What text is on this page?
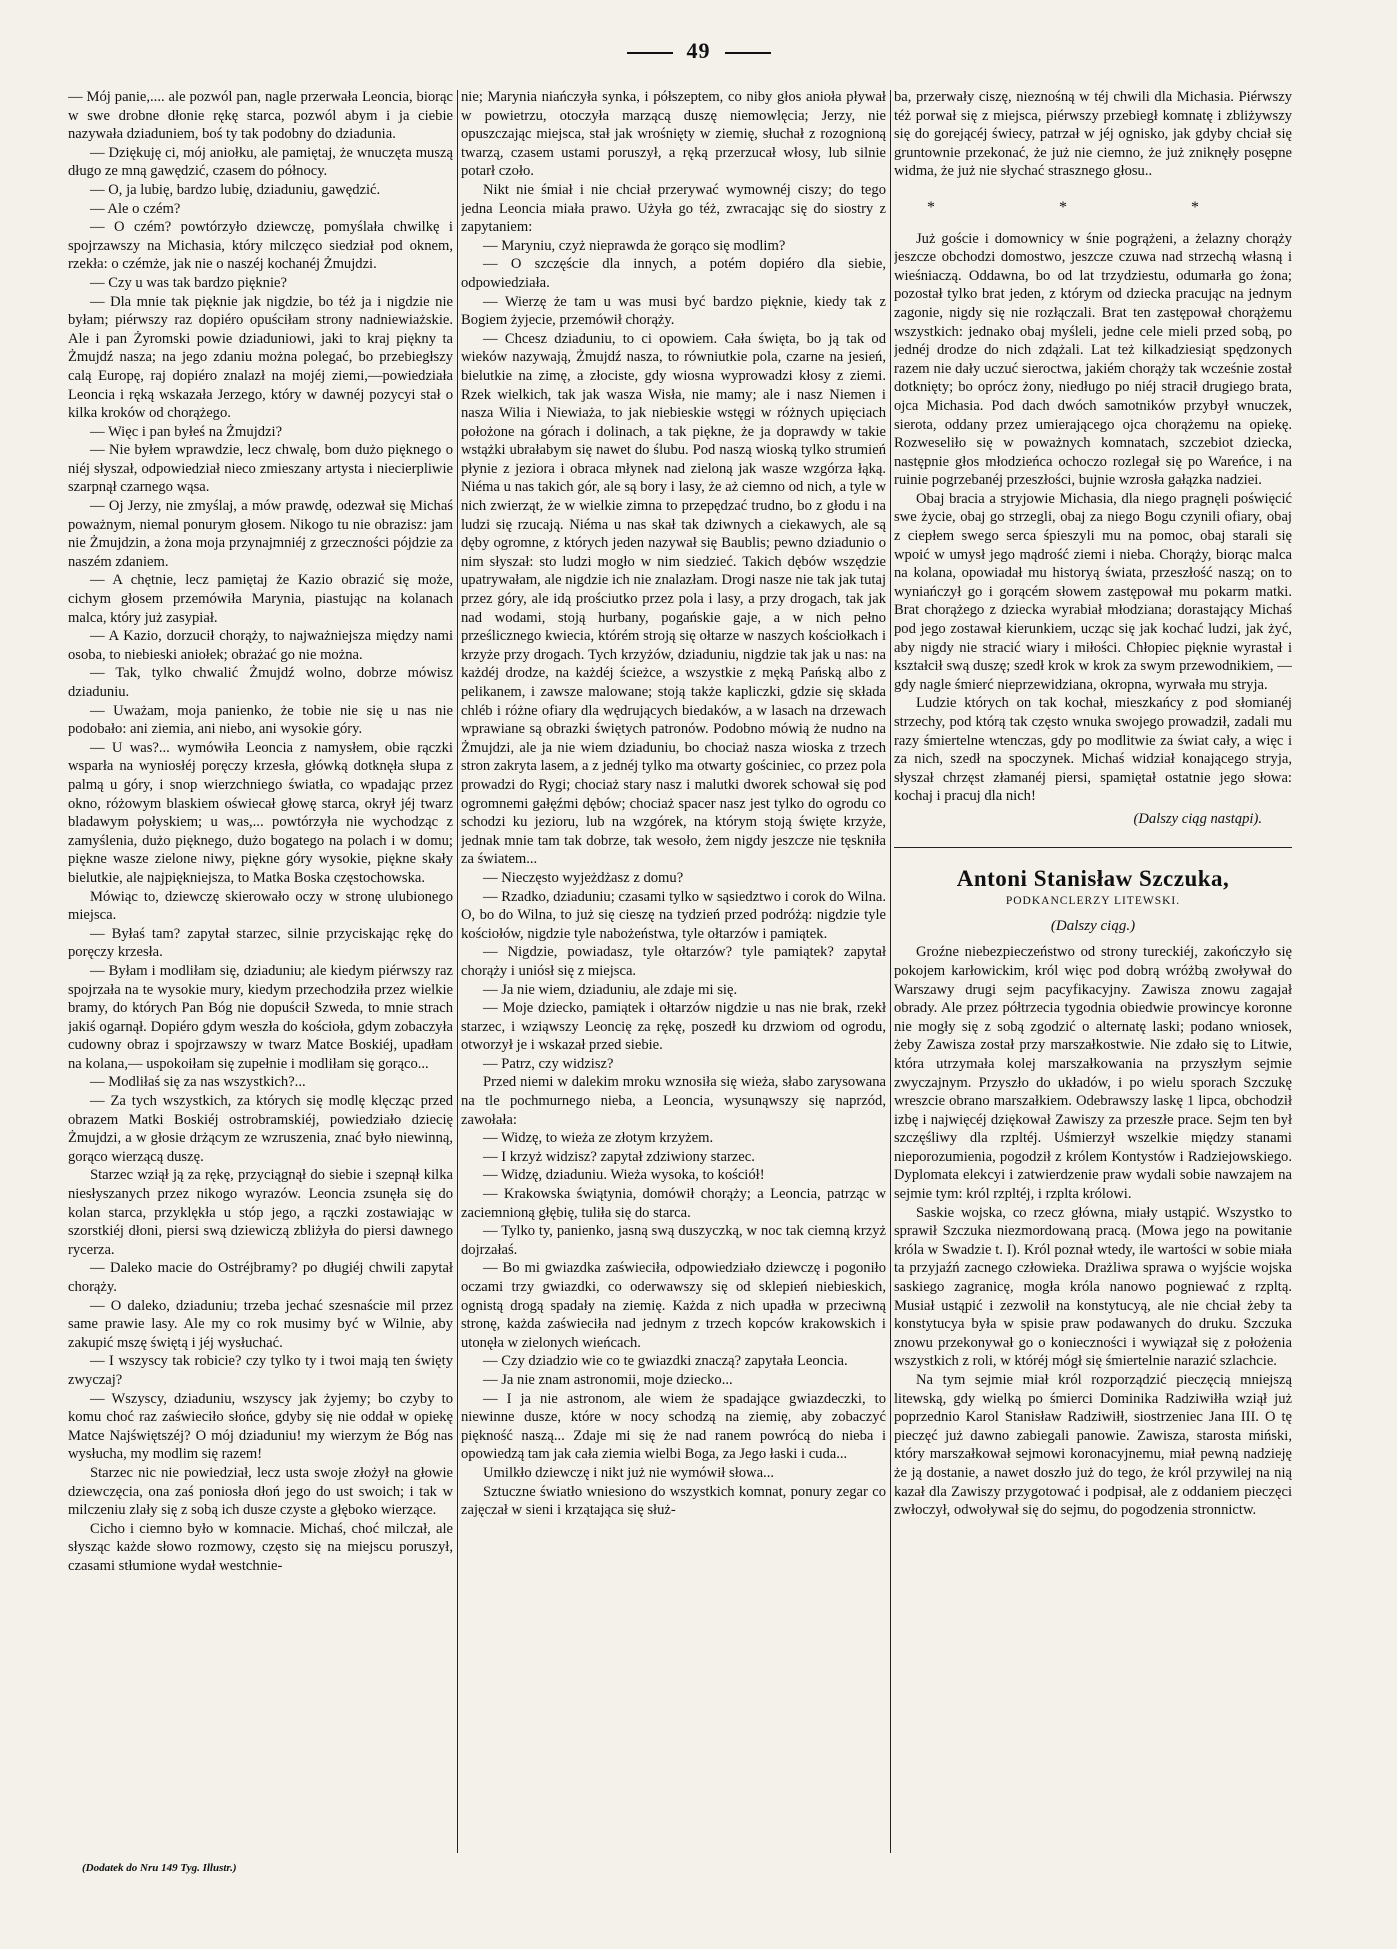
49

— Mój panie,.... ale pozwól pan, nagle przerwała Leoncia, biorąc w swe drobne dłonie rękę starca, pozwól abym i ja ciebie nazywała dziaduniem, boś ty tak podobny do dziadunia.

— Dziękuję ci, mój aniołku, ale pamiętaj, że wnuczęta muszą długo ze mną gawędzić, czasem do północy.

— O, ja lubię, bardzo lubię, dziaduniu, gawędzić.

— Ale o czém?

— O czém? powtórzyło dziewczę, pomyślała chwilkę i spojrzawszy na Michasia, który milczęco siedział pod oknem, rzekła: o czémże, jak nie o naszéj kochanéj Żmujdzi.

— Czy u was tak bardzo pięknie?

— Dla mnie tak pięknie jak nigdzie, bo téż ja i nigdzie nie byłam; piérwszy raz dopiéro opuściłam strony nadniewiażskie. Ale i pan Żyromski powie dziaduniowi, jaki to kraj piękny ta Żmujdź nasza; na jego zdaniu można polegać, bo przebiegłszy calą Europę, raj dopiéro znalazł na mojéj ziemi,—powiedziała Leoncia i ręką wskazała Jerzego, który w dawnéj pozycyi stał o kilka kroków od chorążego.

— Więc i pan byłeś na Żmujdzi?

— Nie byłem wprawdzie, lecz chwalę, bom dużo pięknego o niéj słyszał, odpowiedział nieco zmieszany artysta i niecierpliwie szarpnął czarnego wąsa.

— Oj Jerzy, nie zmyślaj, a mów prawdę, odezwał się Michaś poważnym, niemal ponurym głosem. Nikogo tu nie obrazisz: jam nie Żmujdzin, a żona moja przynajmniéj z grzeczności pójdzie za naszém zdaniem.

— A chętnie, lecz pamiętaj że Kazio obrazić się może, cichym głosem przemówiła Marynia, piastując na kolanach malca, który już zasypiał.

— A Kazio, dorzucił chorąży, to najważniejsza między nami osoba, to niebieski aniołek; obrażać go nie można.

— Tak, tylko chwalić Żmujdź wolno, dobrze mówisz dziaduniu.

— Uważam, moja panienko, że tobie nie się u nas nie podobało: ani ziemia, ani niebo, ani wysokie góry.

— U was?... wymówiła Leoncia z namysłem, obie rączki wsparła na wyniosłéj poręczy krzesła, główką dotknęła słupa z palmą u góry, i snop wierzchniego światła, co wpadając przez okno, różowym blaskiem oświecał głowę starca, okrył jéj twarz bladawym połyskiem; u was,... powtórzyła nie wychodząc z zamyślenia, dużo pięknego, dużo bogatego na polach i w domu; piękne wasze zielone niwy, piękne góry wysokie, piękne skały bielutkie, ale najpiękniejsza, to Matka Boska częstochowska.

Mówiąc to, dziewczę skierowało oczy w stronę ulubionego miejsca.

— Byłaś tam? zapytał starzec, silnie przyciskając rękę do poręczy krzesła.

— Byłam i modliłam się, dziaduniu; ale kiedym piérwszy raz spojrzała na te wysokie mury, kiedym przechodziła przez wielkie bramy, do których Pan Bóg nie dopuścił Szweda, to mnie strach jakiś ogarnął. Dopiéro gdym weszła do kościoła, gdym zobaczyła cudowny obraz i spojrzawszy w twarz Matce Boskiéj, upadłam na kolana,— uspokoiłam się zupełnie i modliłam się gorąco...

— Modliłaś się za nas wszystkich?...

— Za tych wszystkich, za których się modlę klęcząc przed obrazem Matki Boskiéj ostrobramskiéj, powiedziało dziecię Żmujdzi, a w głosie drżącym ze wzruszenia, znać było niewinną, gorąco wierzącą duszę.

Starzec wziął ją za rękę, przyciągnął do siebie i szepnął kilka niesłyszanych przez nikogo wyrazów. Leoncia zsunęła się do kolan starca, przyklękła u stóp jego, a rączki zostawiając w szorstkiéj dłoni, piersi swą dziewiczą zbliżyła do piersi dawnego rycerza.

— Daleko macie do Ostréjbramy? po długiéj chwili zapytał chorąży.

— O daleko, dziaduniu; trzeba jechać szesnaście mil przez same prawie lasy. Ale my co rok musimy być w Wilnie, aby zakupić mszę świętą i jéj wysłuchać.

— I wszyscy tak robicie? czy tylko ty i twoi mają ten święty zwyczaj?

— Wszyscy, dziaduniu, wszyscy jak żyjemy; bo czyby to komu choć raz zaświeciło słońce, gdyby się nie oddał w opiekę Matce Najświętszéj? O mój dziaduniu! my wierzym że Bóg nas wysłucha, my modlim się razem!

Starzec nic nie powiedział, lecz usta swoje złożył na głowie dziewczęcia, ona zaś poniosła dłoń jego do ust swoich; i tak w milczeniu zlały się z sobą ich dusze czyste a głęboko wierzące.

Cicho i ciemno było w komnacie. Michaś, choć milczał, ale słysząc każde słowo rozmowy, często się na miejscu poruszył, czasami stłumione wydał westchnie-

nie; Marynia niańczyła synka, i półszeptem, co niby głos anioła pływał w powietrzu, otoczyła marzącą duszę niemowlęcia; Jerzy, nie opuszczając miejsca, stał jak wrośnięty w ziemię, słuchał z rozognioną twarzą, czasem ustami poruszył, a ręką przerzucał włosy, lub silnie potarł czoło.

Nikt nie śmiał i nie chciał przerywać wymownéj ciszy; do tego jedna Leoncia miała prawo. Użyła go téż, zwracając się do siostry z zapytaniem:

— Maryniu, czyż nieprawda że gorąco się modlim?

— O szczęście dla innych, a potém dopiéro dla siebie, odpowiedziała.

— Wierzę że tam u was musi być bardzo pięknie, kiedy tak z Bogiem żyjecie, przemówił chorąży.

— Chcesz dziaduniu, to ci opowiem. Cała święta, bo ją tak od wieków nazywają, Żmujdź nasza, to równiutkie pola, czarne na jesień, bielutkie na zimę, a złociste, gdy wiosna wyprowadzi kłosy z ziemi. Rzek wielkich, tak jak wasza Wisła, nie mamy; ale i nasz Niemen i nasza Wilia i Niewiaża, to jak niebieskie wstęgi w różnych upięciach położone na górach i dolinach, a tak piękne, że ja doprawdy w takie wstążki ubrałabym się nawet do ślubu. Pod naszą wioską tylko strumień płynie z jeziora i obraca młynek nad zieloną jak wasze wzgórza łąką. Niéma u nas takich gór, ale są bory i lasy, że aż ciemno od nich, a tyle w nich zwierząt, że w wielkie zimna to przepędzać trudno, bo z głodu i na ludzi się rzucają. Niéma u nas skał tak dziwnych a ciekawych, ale są dęby ogromne, z których jeden nazywał się Baublis; pewno dziadunio o nim słyszał: sto ludzi mogło w nim siedzieć. Takich dębów wszędzie upatrywałam, ale nigdzie ich nie znalazłam. Drogi nasze nie tak jak tutaj przez góry, ale idą prościutko przez pola i lasy, a przy drogach, tak jak nad wodami, stoją hurbany, pogańskie gaje, a w nich pełno prześlicznego kwiecia, którém stroją się ołtarze w naszych kościołkach i krzyże przy drogach. Tych krzyżów, dziaduniu, nigdzie tak jak u nas: na każdéj drodze, na każdéj ścieżce, a wszystkie z męką Pańską albo z pelikanem, i zawsze malowane; stoją także kapliczki, gdzie się składa chléb i różne ofiary dla wędrujących biedaków, a w lasach na drzewach wprawiane są obrazki świętych patronów. Podobno mówią że nudno na Żmujdzi, ale ja nie wiem dziaduniu, bo chociaż nasza wioska z trzech stron zakryta lasem, a z jednéj tylko ma otwarty gościniec, co przez pola prowadzi do Rygi; chociaż stary nasz i malutki dworek schował się pod ogromnemi gałęźmi dębów; chociaż spacer nasz jest tylko do ogrodu co schodzi ku jezioru, lub na wzgórek, na którym stoją święte krzyże, jednak mnie tam tak dobrze, tak wesoło, żem nigdy jeszcze nie tęskniła za światem...

— Nieczęsto wyjeżdżasz z domu?

— Rzadko, dziaduniu; czasami tylko w sąsiedztwo i corok do Wilna. O, bo do Wilna, to już się cieszę na tydzień przed podróżą: nigdzie tyle kościołów, nigdzie tyle nabożeństwa, tyle ołtarzów i pamiątek.

— Nigdzie, powiadasz, tyle ołtarzów? tyle pamiątek? zapytał chorąży i uniósł się z miejsca.

— Ja nie wiem, dziaduniu, ale zdaje mi się.

— Moje dziecko, pamiątek i ołtarzów nigdzie u nas nie brak, rzekł starzec, i wziąwszy Leoncię za rękę, poszedł ku drzwiom od ogrodu, otworzył je i wskazał przed siebie.

— Patrz, czy widzisz?

Przed niemi w dalekim mroku wznosiła się wieża, słabo zarysowana na tle pochmurnego nieba, a Leoncia, wysunąwszy się naprzód, zawołała:

— Widzę, to wieża ze złotym krzyżem.

— I krzyż widzisz? zapytał zdziwiony starzec.

— Widzę, dziaduniu. Wieża wysoka, to kościół!

— Krakowska świątynia, domówił chorąży; a Leoncia, patrząc w zaciemnioną głębię, tuliła się do starca.

— Tylko ty, panienko, jasną swą duszyczką, w noc tak ciemną krzyż dojrzałaś.

— Bo mi gwiazdka zaświeciła, odpowiedziało dziewczę i pogoniło oczami trzy gwiazdki, co oderwawszy się od sklepień niebieskich, ognistą drogą spadały na ziemię. Każda z nich upadła w przeciwną stronę, każda zaświeciła nad jednym z trzech kopców krakowskich i utonęła w zielonych wieńcach.

— Czy dziadzio wie co te gwiazdki znaczą? zapytała Leoncia.

— Ja nie znam astronomii, moje dziecko...

— I ja nie astronom, ale wiem że spadające gwiazdeczki, to niewinne dusze, które w nocy schodzą na ziemię, aby zobaczyć piękność naszą... Zdaje mi się że nad ranem powrócą do nieba i opowiedzą tam jak cała ziemia wielbi Boga, za Jego łaski i cuda...

Umilkło dziewczę i nikt już nie wymówił słowa...

Sztuczne światło wniesiono do wszystkich komnat, ponury zegar co zajęczał w sieni i krzątająca się służ-

ba, przerwały ciszę, nieznośną w téj chwili dla Michasia. Piérwszy téż porwał się z miejsca, piérwszy przebiegł komnatę i zbliżywszy się do gorejącéj świecy, patrzał w jéj ognisko, jak gdyby chciał się gruntownie przekonać, że już nie ciemno, że już zniknęły posępne widma, że już nie słychać strasznego głosu..

* * *

Już goście i domownicy w śnie pogrążeni, a żelazny chorąży jeszcze obchodzi domostwo, jeszcze czuwa nad strzechą własną i wieśniaczą. Oddawna, bo od lat trzydziestu, odumarła go żona; pozostał tylko brat jeden, z którym od dziecka pracując na jednym zagonie, nigdy się nie rozłączali. Brat ten zastępował chorążemu wszystkich: jednako obaj myśleli, jedne cele mieli przed sobą, po jednéj drodze do nich zdążali. Lat też kilkadziesiąt spędzonych razem nie dały uczuć sieroctwa, jakiém chorąży tak wcześnie został dotknięty; bo oprócz żony, niedługo po niéj stracił drugiego brata, ojca Michasia. Pod dach dwóch samotników przybył wnuczek, sierota, oddany przez umierającego ojca chorążemu na opiekę. Rozweseliło się w poważnych komnatach, szczebiot dziecka, następnie głos młodzieńca ochoczo rozlegał się po Wareńce, i na ruinie pogrzebanéj przeszłości, bujnie wzrosła gałązka nadziei.

Obaj bracia a stryjowie Michasia, dla niego pragnęli poświęcić swe życie, obaj go strzegli, obaj za niego Bogu czynili ofiary, obaj z ciepłem swego serca śpieszyli mu na pomoc, obaj starali się wpoić w umysł jego mądrość ziemi i nieba. Chorąży, biorąc malca na kolana, opowiadał mu historyą świata, przeszłość naszą; on to wyniańczył go i gorącém słowem zastępował mu pokarm matki. Brat chorążego z dziecka wyrabiał młodziana; dorastający Michaś pod jego zostawał kierunkiem, ucząc się jak kochać ludzi, jak żyć, aby nigdy nie stracić wiary i miłości. Chłopiec pięknie wyrastał i kształcił swą duszę; szedł krok w krok za swym przewodnikiem, — gdy nagle śmierć nieprzewidziana, okropna, wyrwała mu stryja.

Ludzie których on tak kochał, mieszkańcy z pod słomianéj strzechy, pod którą tak często wnuka swojego prowadził, zadali mu razy śmiertelne wtenczas, gdy po modlitwie za świat cały, a więc i za nich, szedł na spoczynek. Michaś widział konającego stryja, słyszał chrzęst złamanéj piersi, spamiętał ostatnie jego słowa: kochaj i pracuj dla nich!

(Dalszy ciąg nastąpi).
Antoni Stanisław Szczuka,
PODKANCLERZY LITEWSKI.
(Dalszy ciąg.)

Groźne niebezpieczeństwo od strony tureckiéj, zakończyło się pokojem karłowickim, król więc pod dobrą wróżbą zwoływał do Warszawy drugi sejm pacyfikacyjny. Zawisza znowu zagajał obrady. Ale przez półtrzecia tygodnia obiedwie prowincye koronne nie mogły się z sobą zgodzić o alternatę laski; podano wniosek, żeby Zawisza został przy marszałkostwie. Nie zdało się to Litwie, która utrzymała kolej marszałkowania na przyszłym sejmie zwyczajnym. Przyszło do układów, i po wielu sporach Szczukę wreszcie obrano marszałkiem. Odebrawszy laskę 1 lipca, obchodził izbę i najwięcéj dziękował Zawiszy za przeszłe prace. Sejm ten był szczęśliwy dla rzpltéj. Uśmierzył wszelkie między stanami nieporozumienia, pogodził z królem Kontystów i Radziejowskiego. Dyplomata elekcyi i zatwierdzenie praw wydali sobie nawzajem na sejmie tym: król rzpltéj, i rzplta królowi.

Saskie wojska, co rzecz główna, miały ustąpić. Wszystko to sprawił Szczuka niezmordowaną pracą. (Mowa jego na powitanie króla w Swadzie t. I). Król poznał wtedy, ile wartości w sobie miała ta przyjaźń zacnego człowieka. Drażliwa sprawa o wyjście wojska saskiego zagranicę, mogła króla nanowo pogniewać z rzpltą. Musiał ustąpić i zezwolił na konstytucyą, ale nie chciał żeby ta konstytucya była w spisie praw podawanych do druku. Szczuka znowu przekonywał go o konieczności i wywiązał się z położenia wszystkich z roli, w któréj mógł się śmiertelnie narazić szlachcie.

Na tym sejmie miał król rozporządzić pieczęcią mniejszą litewską, gdy wielką po śmierci Dominika Radziwiłła wziął już poprzednio Karol Stanisław Radziwiłł, siostrzeniec Jana III. O tę pieczęć już dawno zabiegali panowie. Zawisza, starosta miński, który marszałkował sejmowi koronacyjnemu, miał pewną nadzieję że ją dostanie, a nawet doszło już do tego, że król przywilej na nią kazał dla Zawiszy przygotować i podpisał, ale z oddaniem pieczęci zwłoczył, odwoływał się do sejmu, do pogodzenia stronnictw.

(Dodatek do Nru 149 Tyg. Illustr.)
